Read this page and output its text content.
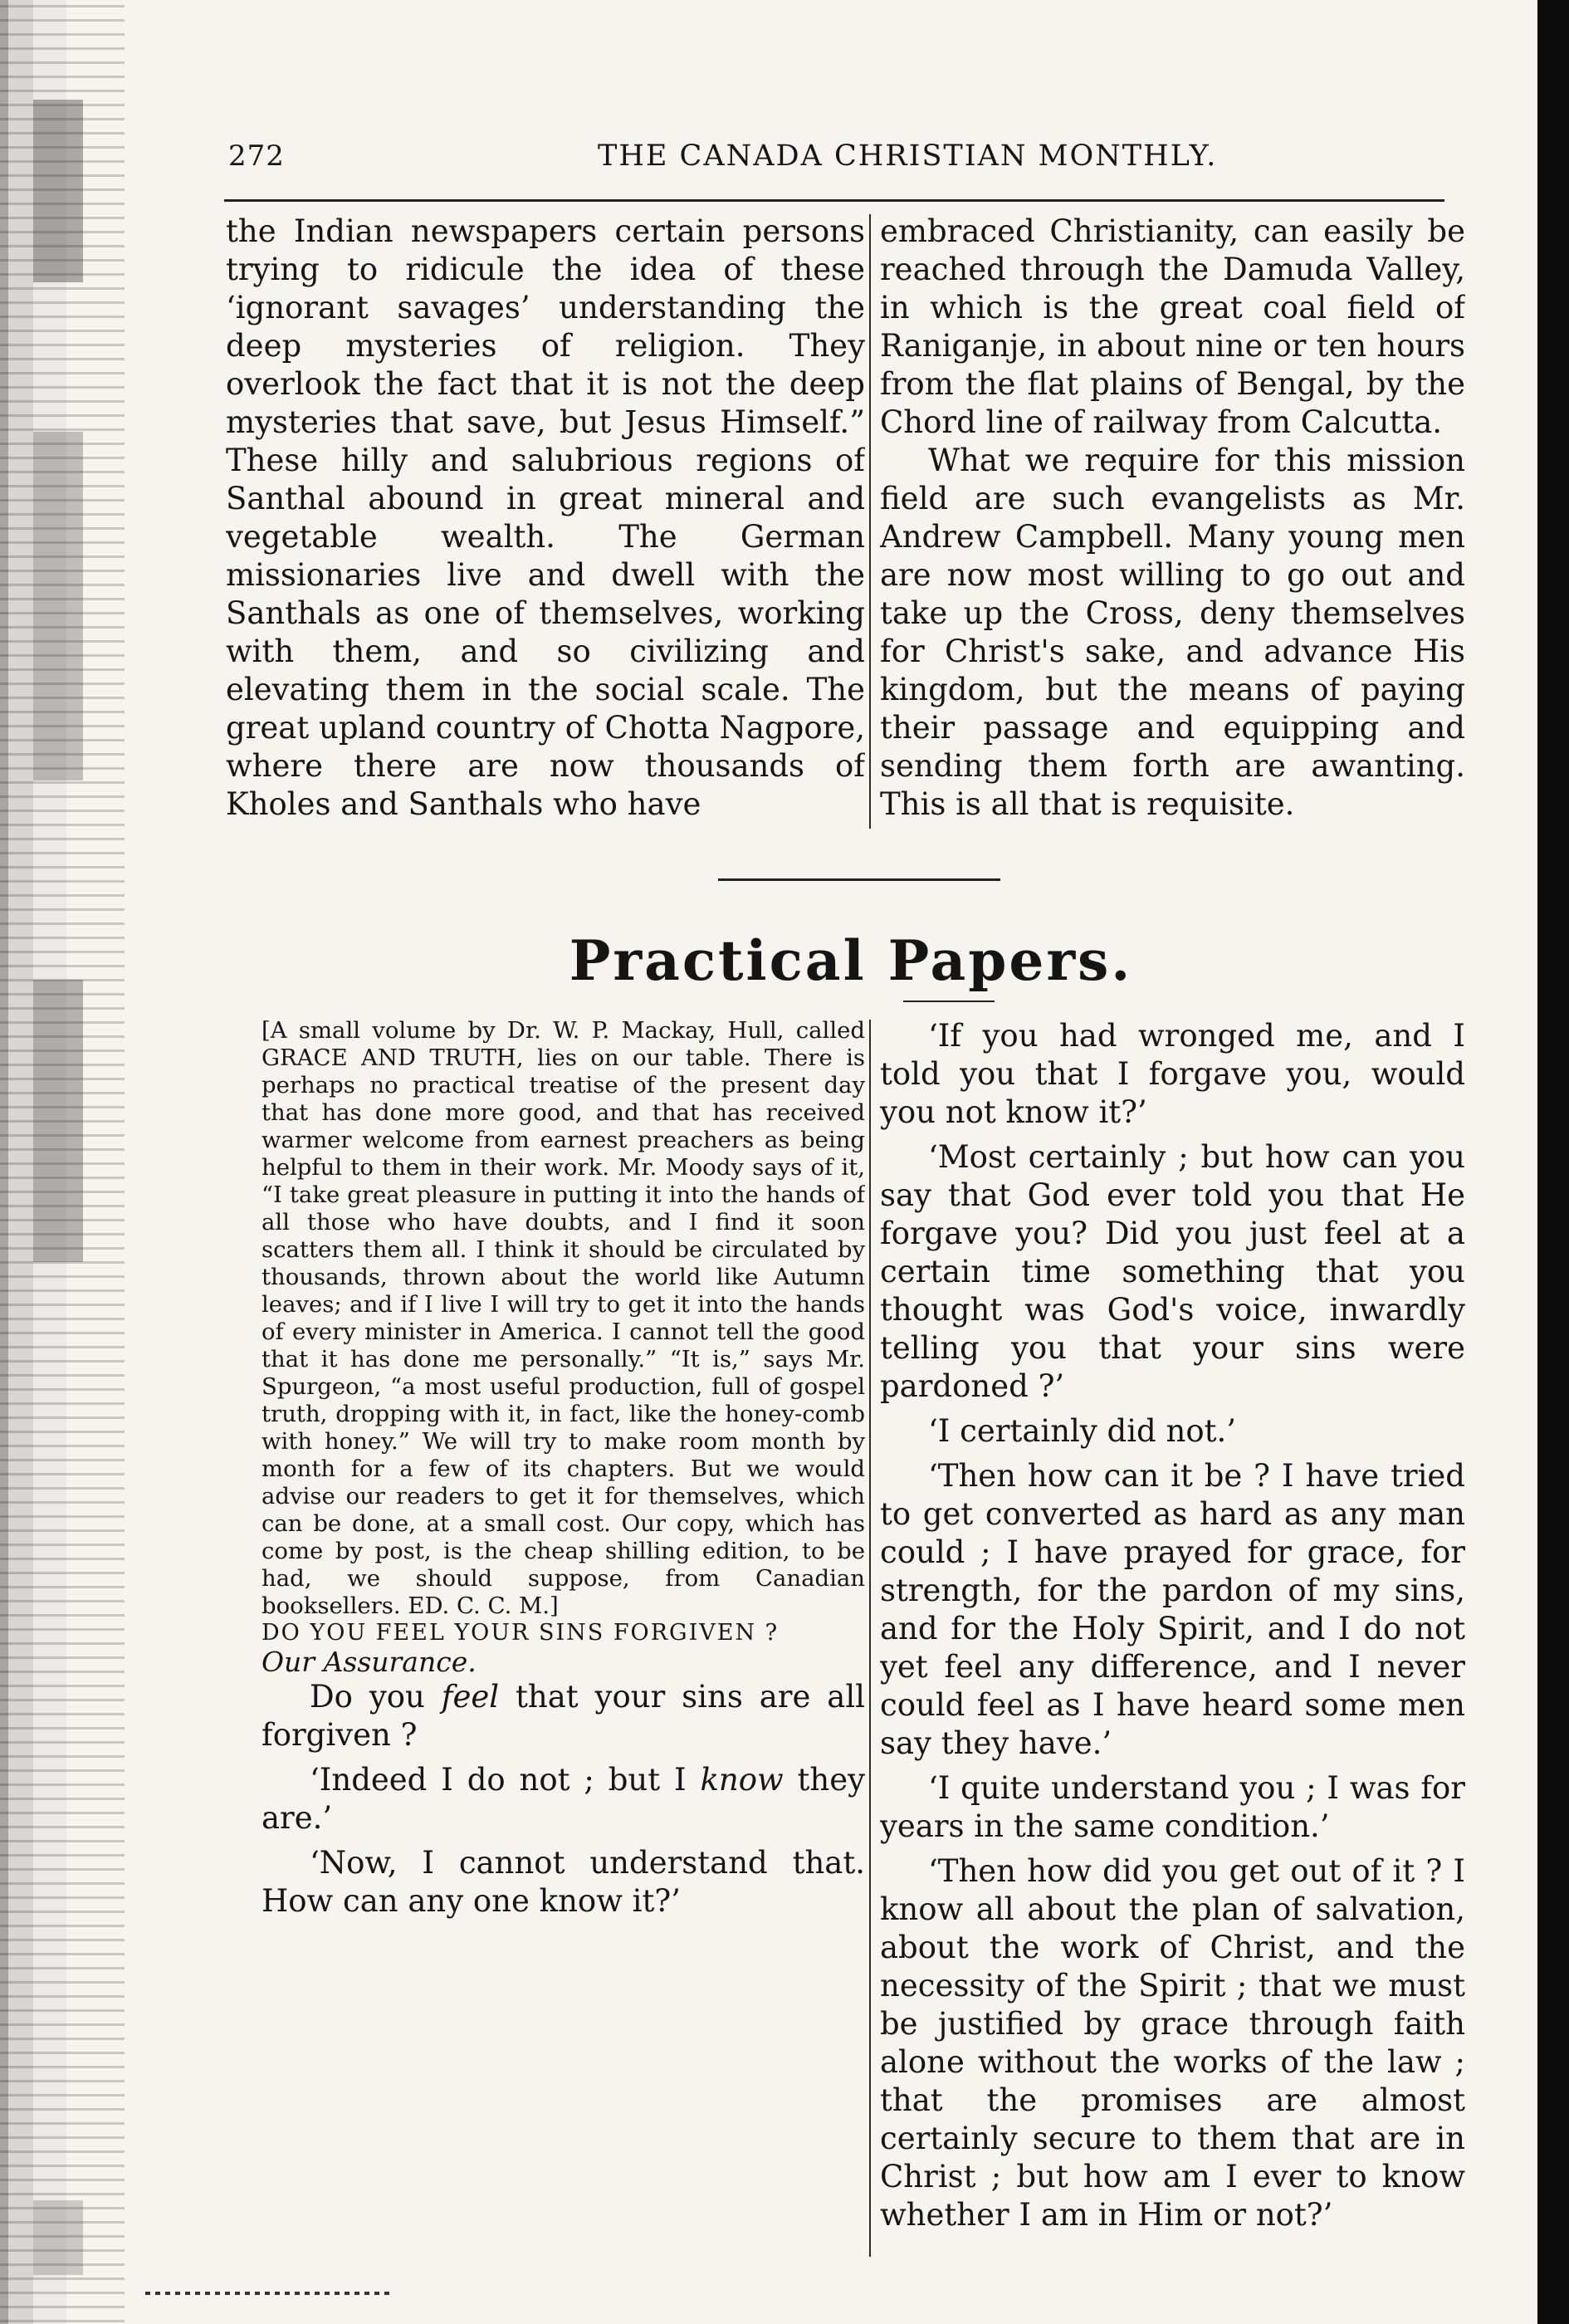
272	THE CANADA CHRISTIAN MONTHLY.

the Indian newspapers certain persons trying to ridicule the idea of these ‘ignorant savages’ understanding the deep mysteries of religion. They overlook the fact that it is not the deep mysteries that save, but Jesus Himself.” These hilly and salubrious regions of Santhal abound in great mineral and vegetable wealth. The German missionaries live and dwell with the Santhals as one of themselves, working with them, and so civilizing and elevating them in the social scale. The great upland country of Chotta Nagpore, where there are now thousands of Kholes and Santhals who have

embraced Christianity, can easily be reached through the Damuda Valley, in which is the great coal field of Raniganje, in about nine or ten hours from the flat plains of Bengal, by the Chord line of railway from Calcutta.

What we require for this mission field are such evangelists as Mr. Andrew Campbell. Many young men are now most willing to go out and take up the Cross, deny themselves for Christ's sake, and advance His kingdom, but the means of paying their passage and equipping and sending them forth are awanting. This is all that is requisite.

Practical Papers.

[A small volume by Dr. W. P. Mackay, Hull, called GRACE AND TRUTH, lies on our table. There is perhaps no practical treatise of the present day that has done more good, and that has received warmer welcome from earnest preachers as being helpful to them in their work. Mr. Moody says of it, “I take great pleasure in putting it into the hands of all those who have doubts, and I find it soon scatters them all. I think it should be circulated by thousands, thrown about the world like Autumn leaves; and if I live I will try to get it into the hands of every minister in America. I cannot tell the good that it has done me personally.” “It is,” says Mr. Spurgeon, “a most useful production, full of gospel truth, dropping with it, in fact, like the honey-comb with honey.” We will try to make room month by month for a few of its chapters. But we would advise our readers to get it for themselves, which can be done, at a small cost. Our copy, which has come by post, is the cheap shilling edition, to be had, we should suppose, from Canadian booksellers. ED. C. C. M.]

DO YOU FEEL YOUR SINS FORGIVEN ?

Our Assurance.

Do you feel that your sins are all forgiven ?

‘Indeed I do not ; but I know they are.’

‘Now, I cannot understand that. How can any one know it?’

‘If you had wronged me, and I told you that I forgave you, would you not know it?’

‘Most certainly ; but how can you say that God ever told you that He forgave you? Did you just feel at a certain time something that you thought was God's voice, inwardly telling you that your sins were pardoned ?’

‘I certainly did not.’

‘Then how can it be ? I have tried to get converted as hard as any man could ; I have prayed for grace, for strength, for the pardon of my sins, and for the Holy Spirit, and I do not yet feel any difference, and I never could feel as I have heard some men say they have.’

‘I quite understand you ; I was for years in the same condition.’

‘Then how did you get out of it ? I know all about the plan of salvation, about the work of Christ, and the necessity of the Spirit ; that we must be justified by grace through faith alone without the works of the law ; that the promises are almost certainly secure to them that are in Christ ; but how am I ever to know whether I am in Him or not?’
